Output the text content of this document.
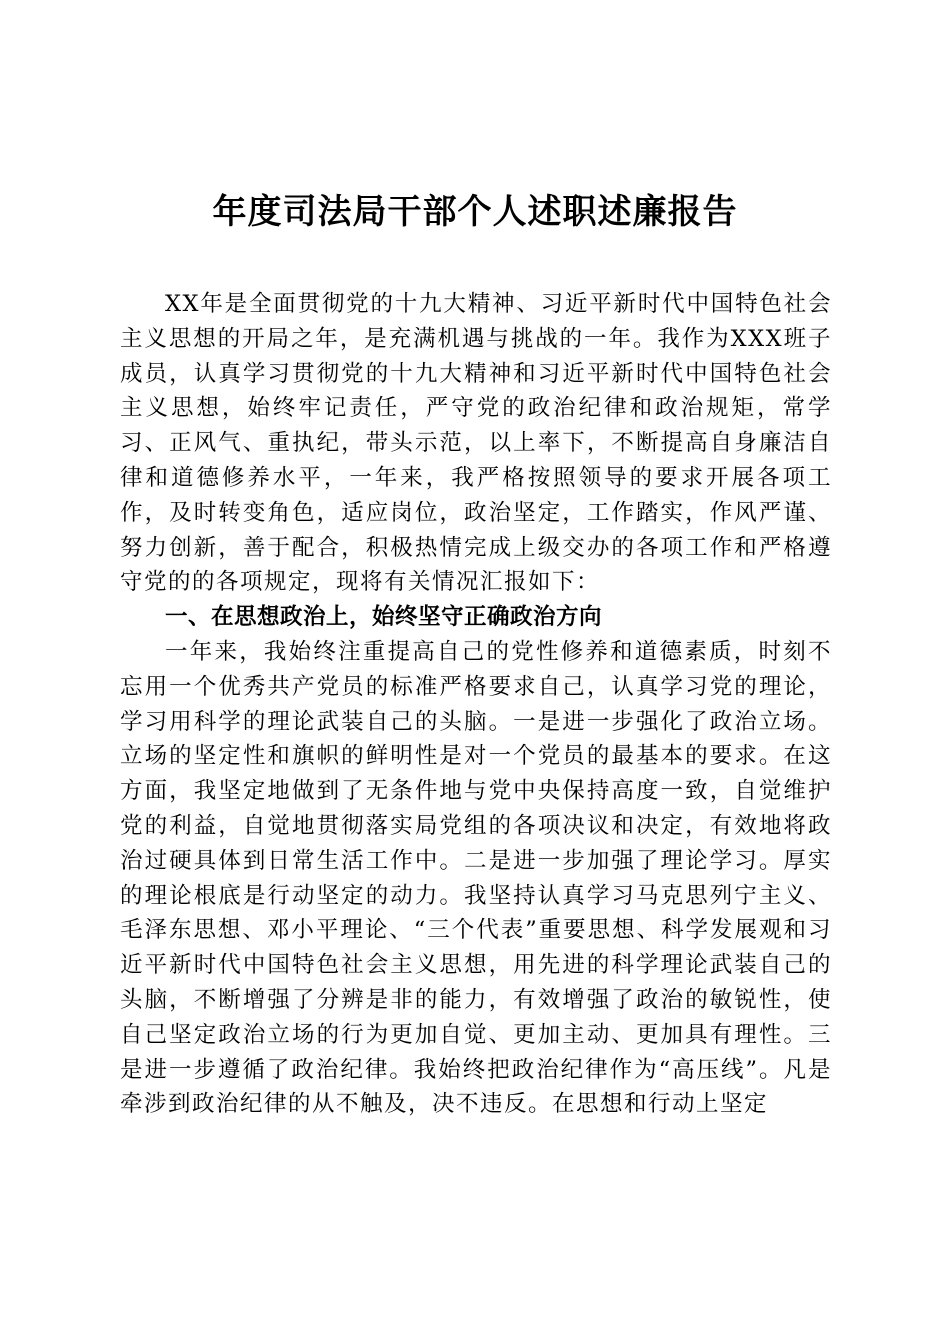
年度司法局干部个人述职述廉报告

XX年是全面贯彻党的十九大精神、习近平新时代中国特色社会主义思想的开局之年，是充满机遇与挑战的一年。我作为XXX班子成员，认真学习贯彻党的十九大精神和习近平新时代中国特色社会主义思想，始终牢记责任，严守党的政治纪律和政治规矩，常学习、正风气、重执纪，带头示范，以上率下，不断提高自身廉洁自律和道德修养水平，一年来，我严格按照领导的要求开展各项工作，及时转变角色，适应岗位，政治坚定，工作踏实，作风严谨、努力创新，善于配合，积极热情完成上级交办的各项工作和严格遵守党的的各项规定，现将有关情况汇报如下：

一、在思想政治上，始终坚守正确政治方向

一年来，我始终注重提高自己的党性修养和道德素质，时刻不忘用一个优秀共产党员的标准严格要求自己，认真学习党的理论，学习用科学的理论武装自己的头脑。一是进一步强化了政治立场。立场的坚定性和旗帜的鲜明性是对一个党员的最基本的要求。在这方面，我坚定地做到了无条件地与党中央保持高度一致，自觉维护党的利益，自觉地贯彻落实局党组的各项决议和决定，有效地将政治过硬具体到日常生活工作中。二是进一步加强了理论学习。厚实的理论根底是行动坚定的动力。我坚持认真学习马克思列宁主义、毛泽东思想、邓小平理论、“三个代表”重要思想、科学发展观和习近平新时代中国特色社会主义思想，用先进的科学理论武装自己的头脑，不断增强了分辨是非的能力，有效增强了政治的敏锐性，使自己坚定政治立场的行为更加自觉、更加主动、更加具有理性。三是进一步遵循了政治纪律。我始终把政治纪律作为“高压线”。凡是牵涉到政治纪律的从不触及，决不违反。在思想和行动上坚定
